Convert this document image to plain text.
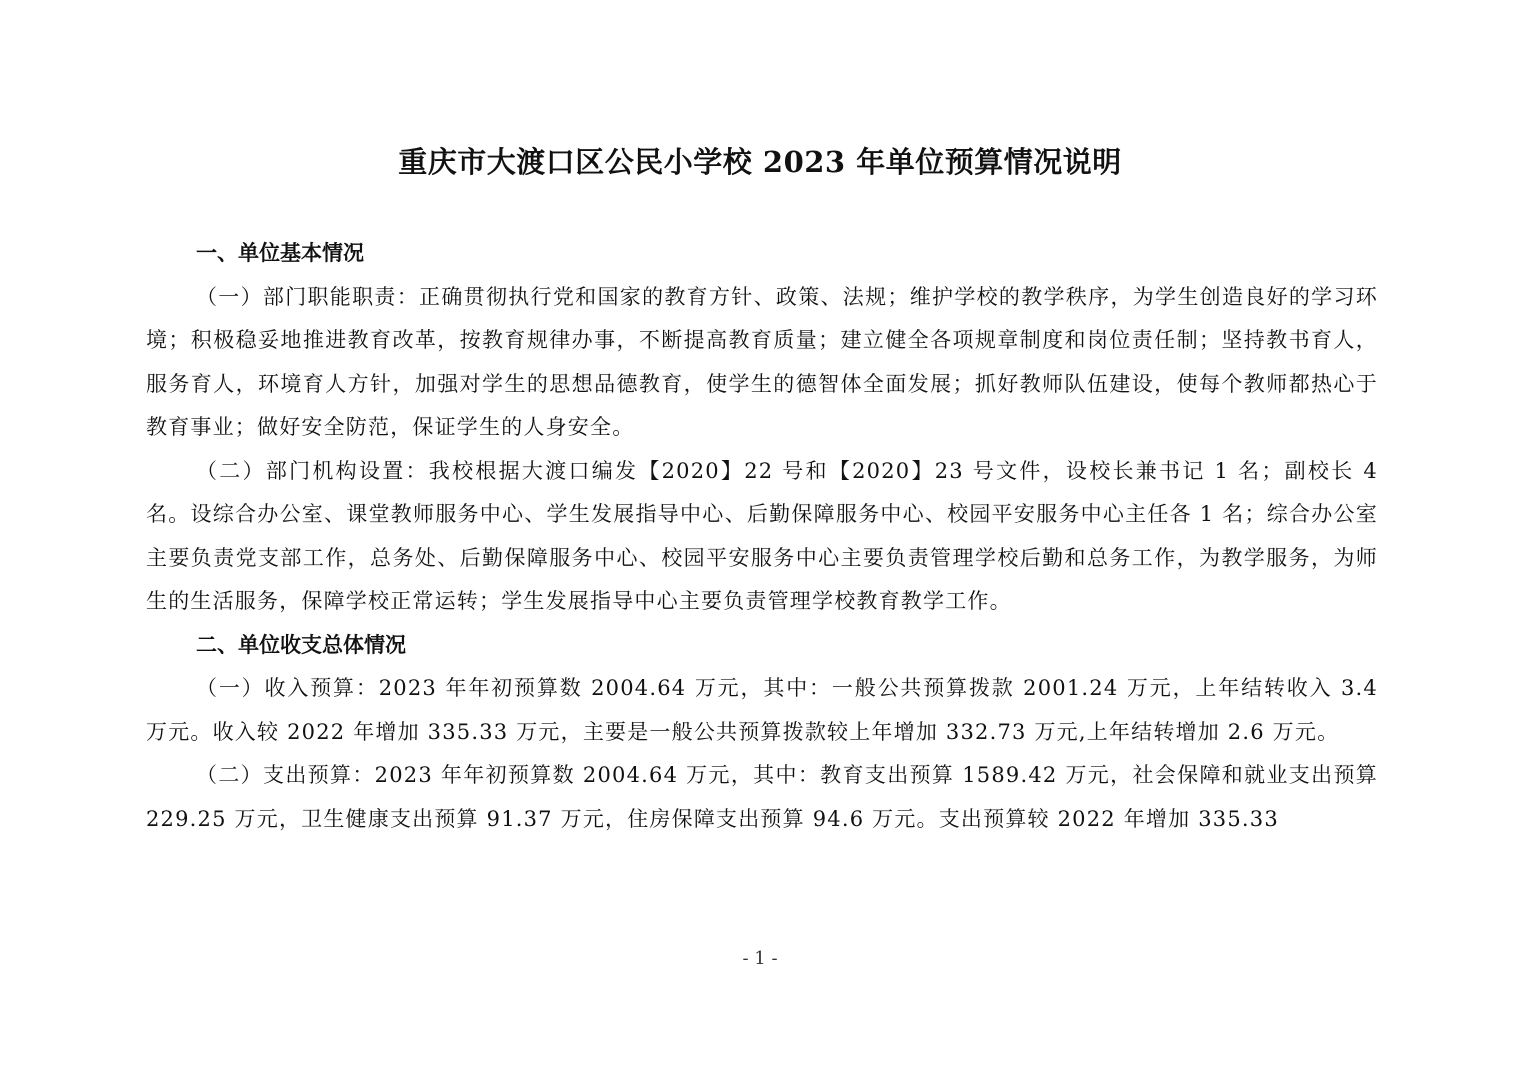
重庆市大渡口区公民小学校 2023 年单位预算情况说明

一、单位基本情况

（一）部门职能职责：正确贯彻执行党和国家的教育方针、政策、法规；维护学校的教学秩序，为学生创造良好的学习环境；积极稳妥地推进教育改革，按教育规律办事，不断提高教育质量；建立健全各项规章制度和岗位责任制；坚持教书育人，服务育人，环境育人方针，加强对学生的思想品德教育，使学生的德智体全面发展；抓好教师队伍建设，使每个教师都热心于教育事业；做好安全防范，保证学生的人身安全。

（二）部门机构设置：我校根据大渡口编发【2020】22 号和【2020】23 号文件，设校长兼书记 1 名；副校长 4 名。设综合办公室、课堂教师服务中心、学生发展指导中心、后勤保障服务中心、校园平安服务中心主任各 1 名；综合办公室主要负责党支部工作，总务处、后勤保障服务中心、校园平安服务中心主要负责管理学校后勤和总务工作，为教学服务，为师生的生活服务，保障学校正常运转；学生发展指导中心主要负责管理学校教育教学工作。

二、单位收支总体情况

（一）收入预算：2023 年年初预算数 2004.64 万元，其中：一般公共预算拨款 2001.24 万元，上年结转收入 3.4 万元。收入较 2022 年增加 335.33 万元，主要是一般公共预算拨款较上年增加 332.73 万元,上年结转增加 2.6 万元。

（二）支出预算：2023 年年初预算数 2004.64 万元，其中：教育支出预算 1589.42 万元，社会保障和就业支出预算 229.25 万元，卫生健康支出预算 91.37 万元，住房保障支出预算 94.6 万元。支出预算较 2022 年增加 335.33

- 1 -
